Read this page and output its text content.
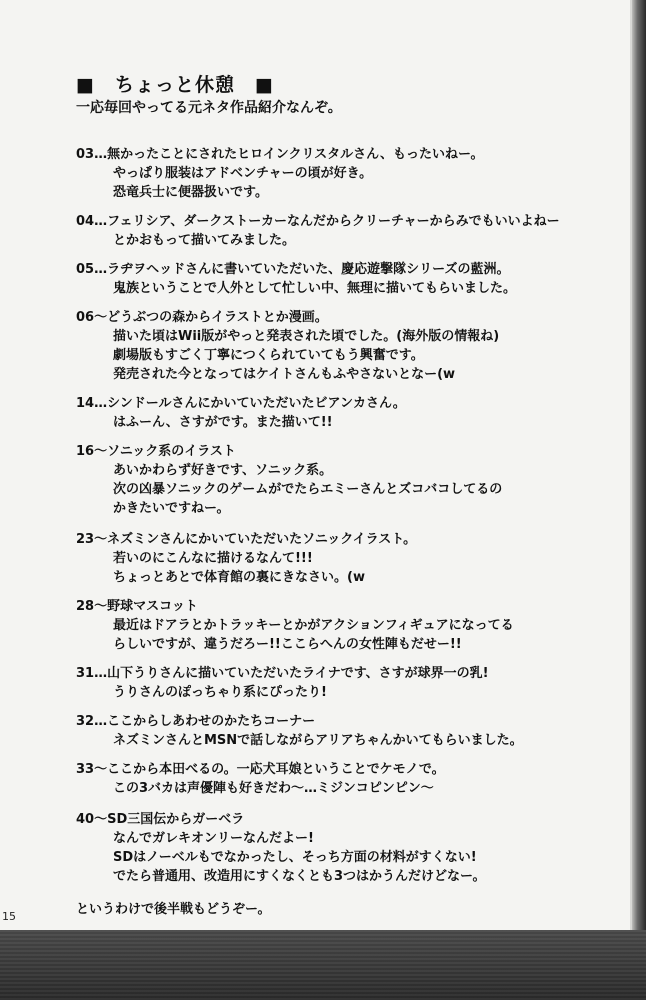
■　ちょっと休憩　■

一応毎回やってる元ネタ作品紹介なんぞ。

03…無かったことにされたヒロインクリスタルさん、もったいねー。
やっぱり服装はアドベンチャーの頃が好き。
恐竜兵士に便器扱いです。

04…フェリシア、ダークストーカーなんだからクリーチャーからみでもいいよねー
とかおもって描いてみました。

05…ラヂヲヘッドさんに書いていただいた、慶応遊撃隊シリーズの藍洲。
鬼族ということで人外として忙しい中、無理に描いてもらいました。

06～どうぶつの森からイラストとか漫画。
描いた頃はWii版がやっと発表された頃でした。(海外版の情報ね)
劇場版もすごく丁寧につくられていてもう興奮です。
発売された今となってはケイトさんもふやさないとなー(w

14…シンドールさんにかいていただいたビアンカさん。
はふーん、さすがです。また描いて!!

16～ソニック系のイラスト
あいかわらず好きです、ソニック系。
次の凶暴ソニックのゲームがでたらエミーさんとズコバコしてるの
かきたいですねー。

23～ネズミンさんにかいていただいたソニックイラスト。
若いのにこんなに描けるなんて!!!
ちょっとあとで体育館の裏にきなさい。(w

28～野球マスコット
最近はドアラとかトラッキーとかがアクションフィギュアになってる
らしいですが、違うだろー!!ここらへんの女性陣もだせー!!

31…山下うりさんに描いていただいたライナです、さすが球界一の乳!
うりさんのぽっちゃり系にぴったり!

32…ここからしあわせのかたちコーナー
ネズミンさんとMSNで話しながらアリアちゃんかいてもらいました。

33～ここから本田べるの。一応犬耳娘ということでケモノで。
この3バカは声優陣も好きだわ～…ミジンコピンピン～

40～SD三国伝からガーベラ
なんでガレキオンリーなんだよー!
SDはノーベルもでなかったし、そっち方面の材料がすくない!
でたら普通用、改造用にすくなくとも3つはかうんだけどなー。

というわけで後半戦もどうぞー。

15
